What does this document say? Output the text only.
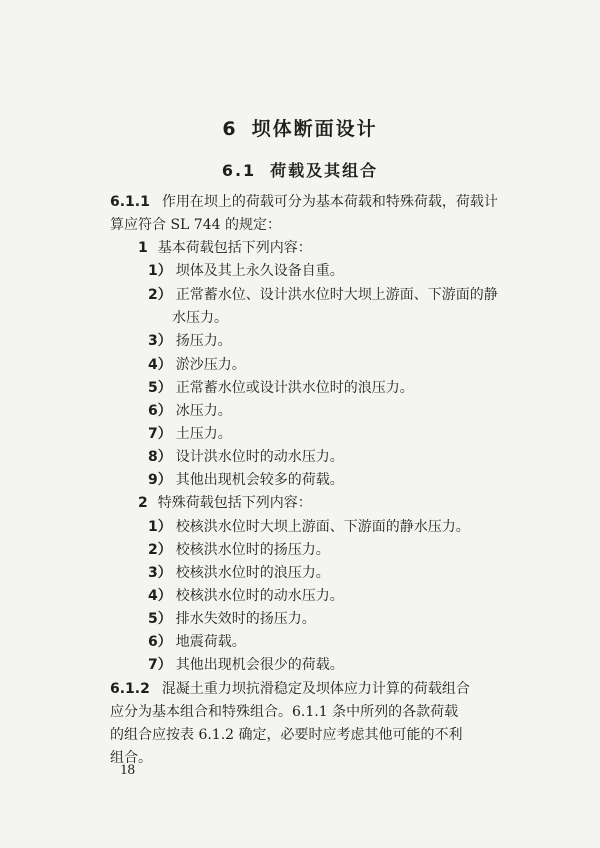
6 坝体断面设计
6.1 荷载及其组合
6.1.1 作用在坝上的荷载可分为基本荷载和特殊荷载，荷载计
算应符合 SL 744 的规定：
1 基本荷载包括下列内容：
1） 坝体及其上永久设备自重。
2） 正常蓄水位、设计洪水位时大坝上游面、下游面的静
水压力。
3） 扬压力。
4） 淤沙压力。
5） 正常蓄水位或设计洪水位时的浪压力。
6） 冰压力。
7） 土压力。
8） 设计洪水位时的动水压力。
9） 其他出现机会较多的荷载。
2 特殊荷载包括下列内容：
1） 校核洪水位时大坝上游面、下游面的静水压力。
2） 校核洪水位时的扬压力。
3） 校核洪水位时的浪压力。
4） 校核洪水位时的动水压力。
5） 排水失效时的扬压力。
6） 地震荷载。
7） 其他出现机会很少的荷载。
6.1.2 混凝土重力坝抗滑稳定及坝体应力计算的荷载组合
应分为基本组合和特殊组合。6.1.1 条中所列的各款荷载
的组合应按表 6.1.2 确定，必要时应考虑其他可能的不利
组合。
18
